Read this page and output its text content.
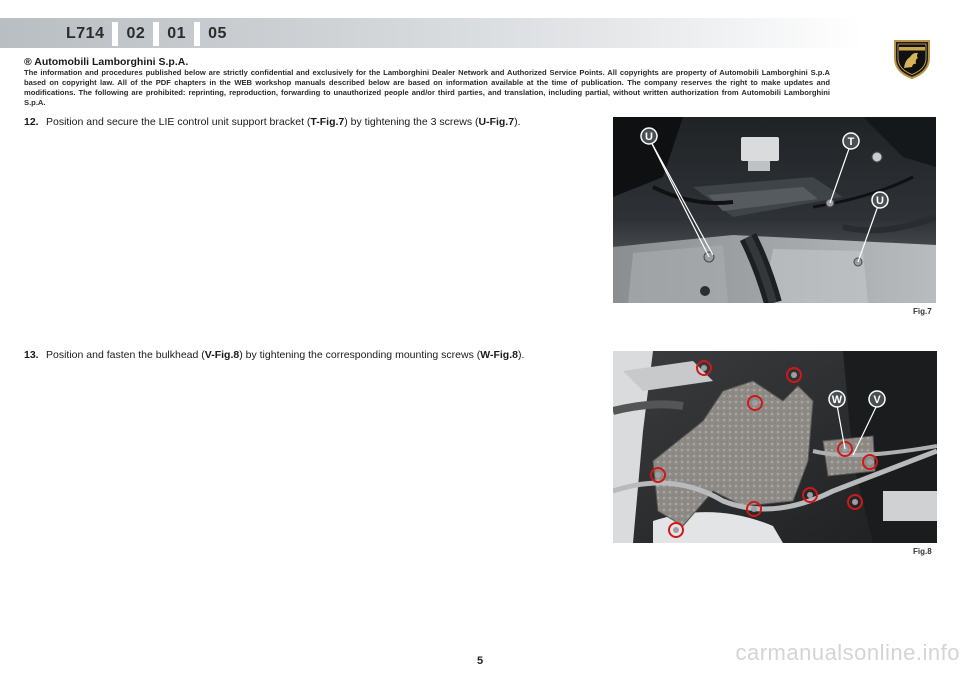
L714	02	01	05
® Automobili Lamborghini S.p.A.
The information and procedures published below are strictly confidential and exclusively for the Lamborghini Dealer Network and Authorized Service Points. All copyrights are property of Automobili Lamborghini S.p.A based on copyright law. All of the PDF chapters in the WEB workshop manuals described below are based on information available at the time of publication. The company reserves the right to make updates and modifications. The following are prohibited: reprinting, reproduction, forwarding to unauthorized people and/or third parties, and translation, including partial, without written authorization from Automobili Lamborghini S.p.A.
12. Position and secure the LIE control unit support bracket (T-Fig.7) by tightening the 3 screws (U-Fig.7).
U	T
U
Fig.7
13. Position and fasten the bulkhead (V-Fig.8) by tightening the corresponding mounting screws (W-Fig.8).
W	V
Fig.8
5	carmanualsonline.info
